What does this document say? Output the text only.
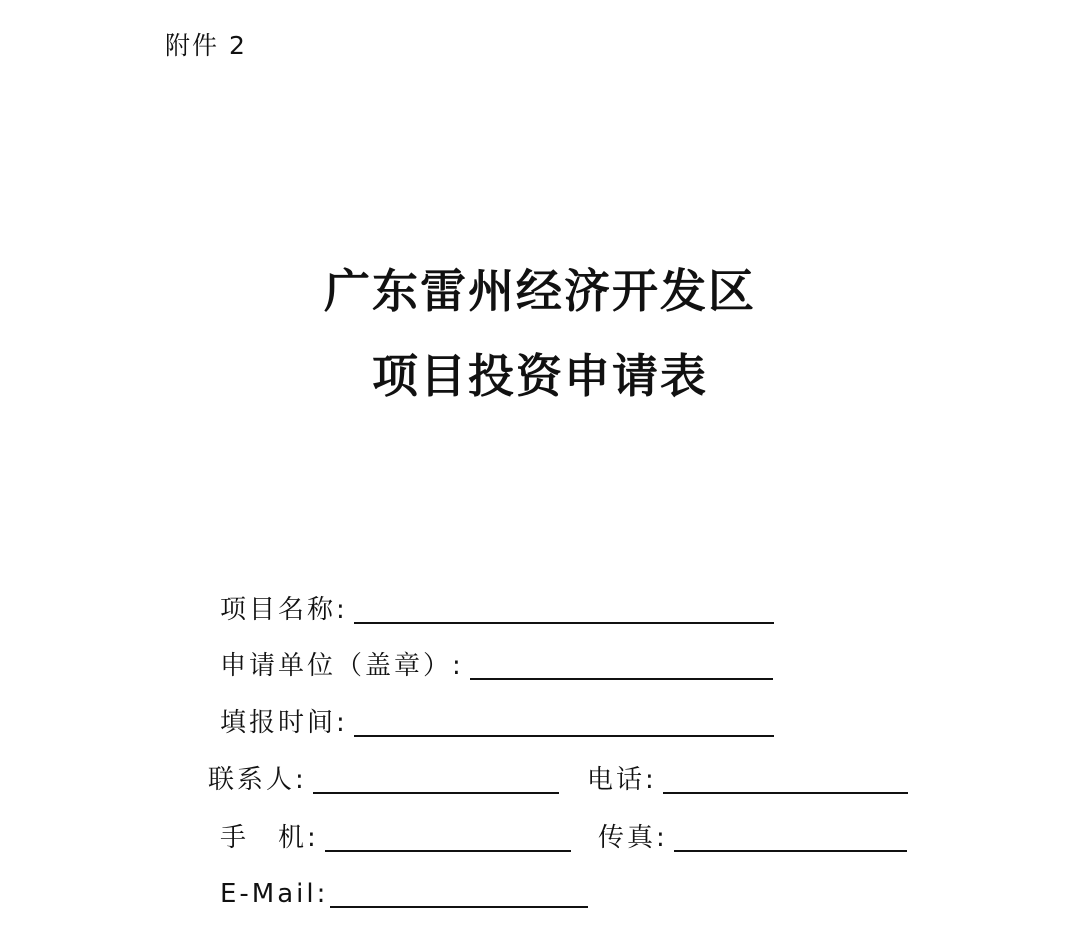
附件 2
广东雷州经济开发区
项目投资申请表
项目名称:
申请单位（盖章）:
填报时间:
联系人:	电话:
手　机:	传真:
E-Mail:
